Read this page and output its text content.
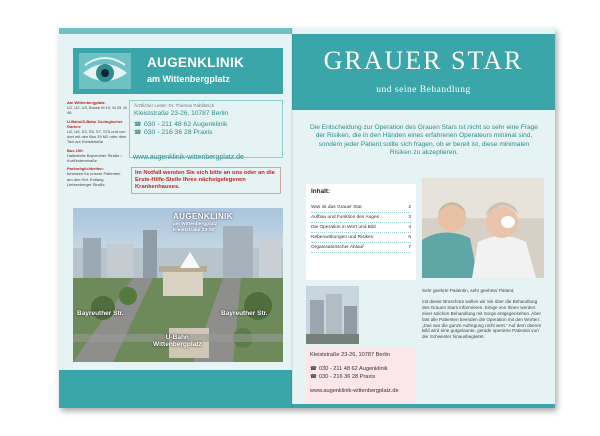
AUGENKLINIK
am Wittenbergplatz

Am Wittenbergplatz:
U1, U2, U3, Busse M 19, M 29, M 46

U-Bahn/S-Bahn Zoologischer Garten:
U2, U9, S3, S5, S7, S75 und von dort mit den Bus 29 M2 oder dem Taxi zur Kleiststraße

Bus 100:
Haltestelle Bayreuther Straße / Kurfürstenstraße

Parkmöglichkeiten:
besetzen für unsere Patienten am den Hof. Entlang Lietzenberger Straße.

Ärztlicher Leiter: Dr. Thomas Pahlitzsch
Kleiststraße 23-26, 10787 Berlin
☎ 030 - 211 48 62 Augenklinik
☎ 030 - 216 36 28 Praxis
www.augenklinik-wittenbergplatz.de
Im Notfall wenden Sie sich bitte an uns oder an die Erste-Hilfe-Stelle Ihres nächstgelegenen Krankenhauses.
AUGENKLINIK
am Wittenbergplatz
Kleiststraße 23-26
Bayreuther Str.	Bayreuther Str.
U-Bahn
Wittenbergplatz
GRAUER STAR
und seine Behandlung
Die Entscheidung zur Operation des Grauen Stars ist nicht so sehr eine Frage der Risiken, die in den Händen eines erfahrenen Operateurs minimal sind, sondern jeder Patient sollte sich fragen, ob er bereit ist, diese minimalen Risiken zu akzeptieren.
Inhalt:
Was ist das Grauer Star	2
Aufbau und Funktion des Auges	3
Die Operation in Wort und Bild	4
Nebenwirkungen und Risiken	6
Organisatorischer Ablauf	7

Sehr geehrte Patientin, sehr geehrter Patient,

mit dieser Broschüre wollen wir Sie über die Behandlung des Grauen Stars informieren. Einige von Ihnen werden einer solchen Behandlung mit Sorge entgegensehen. Aber fast alle Patienten beenden die Operation mit den Worten: „Das war die ganze Aufregung nicht wert.“ Auf dem oberen Bild wird eine gutgelaunte, gerade operierte Patientin von der Schwester hinausbegleitet.

Kleiststraße 23-26, 10787 Berlin
☎ 030 - 211 48 62 Augenklinik
☎ 030 - 216 36 28 Praxis
www.augenklinik-wittenbergplatz.de
